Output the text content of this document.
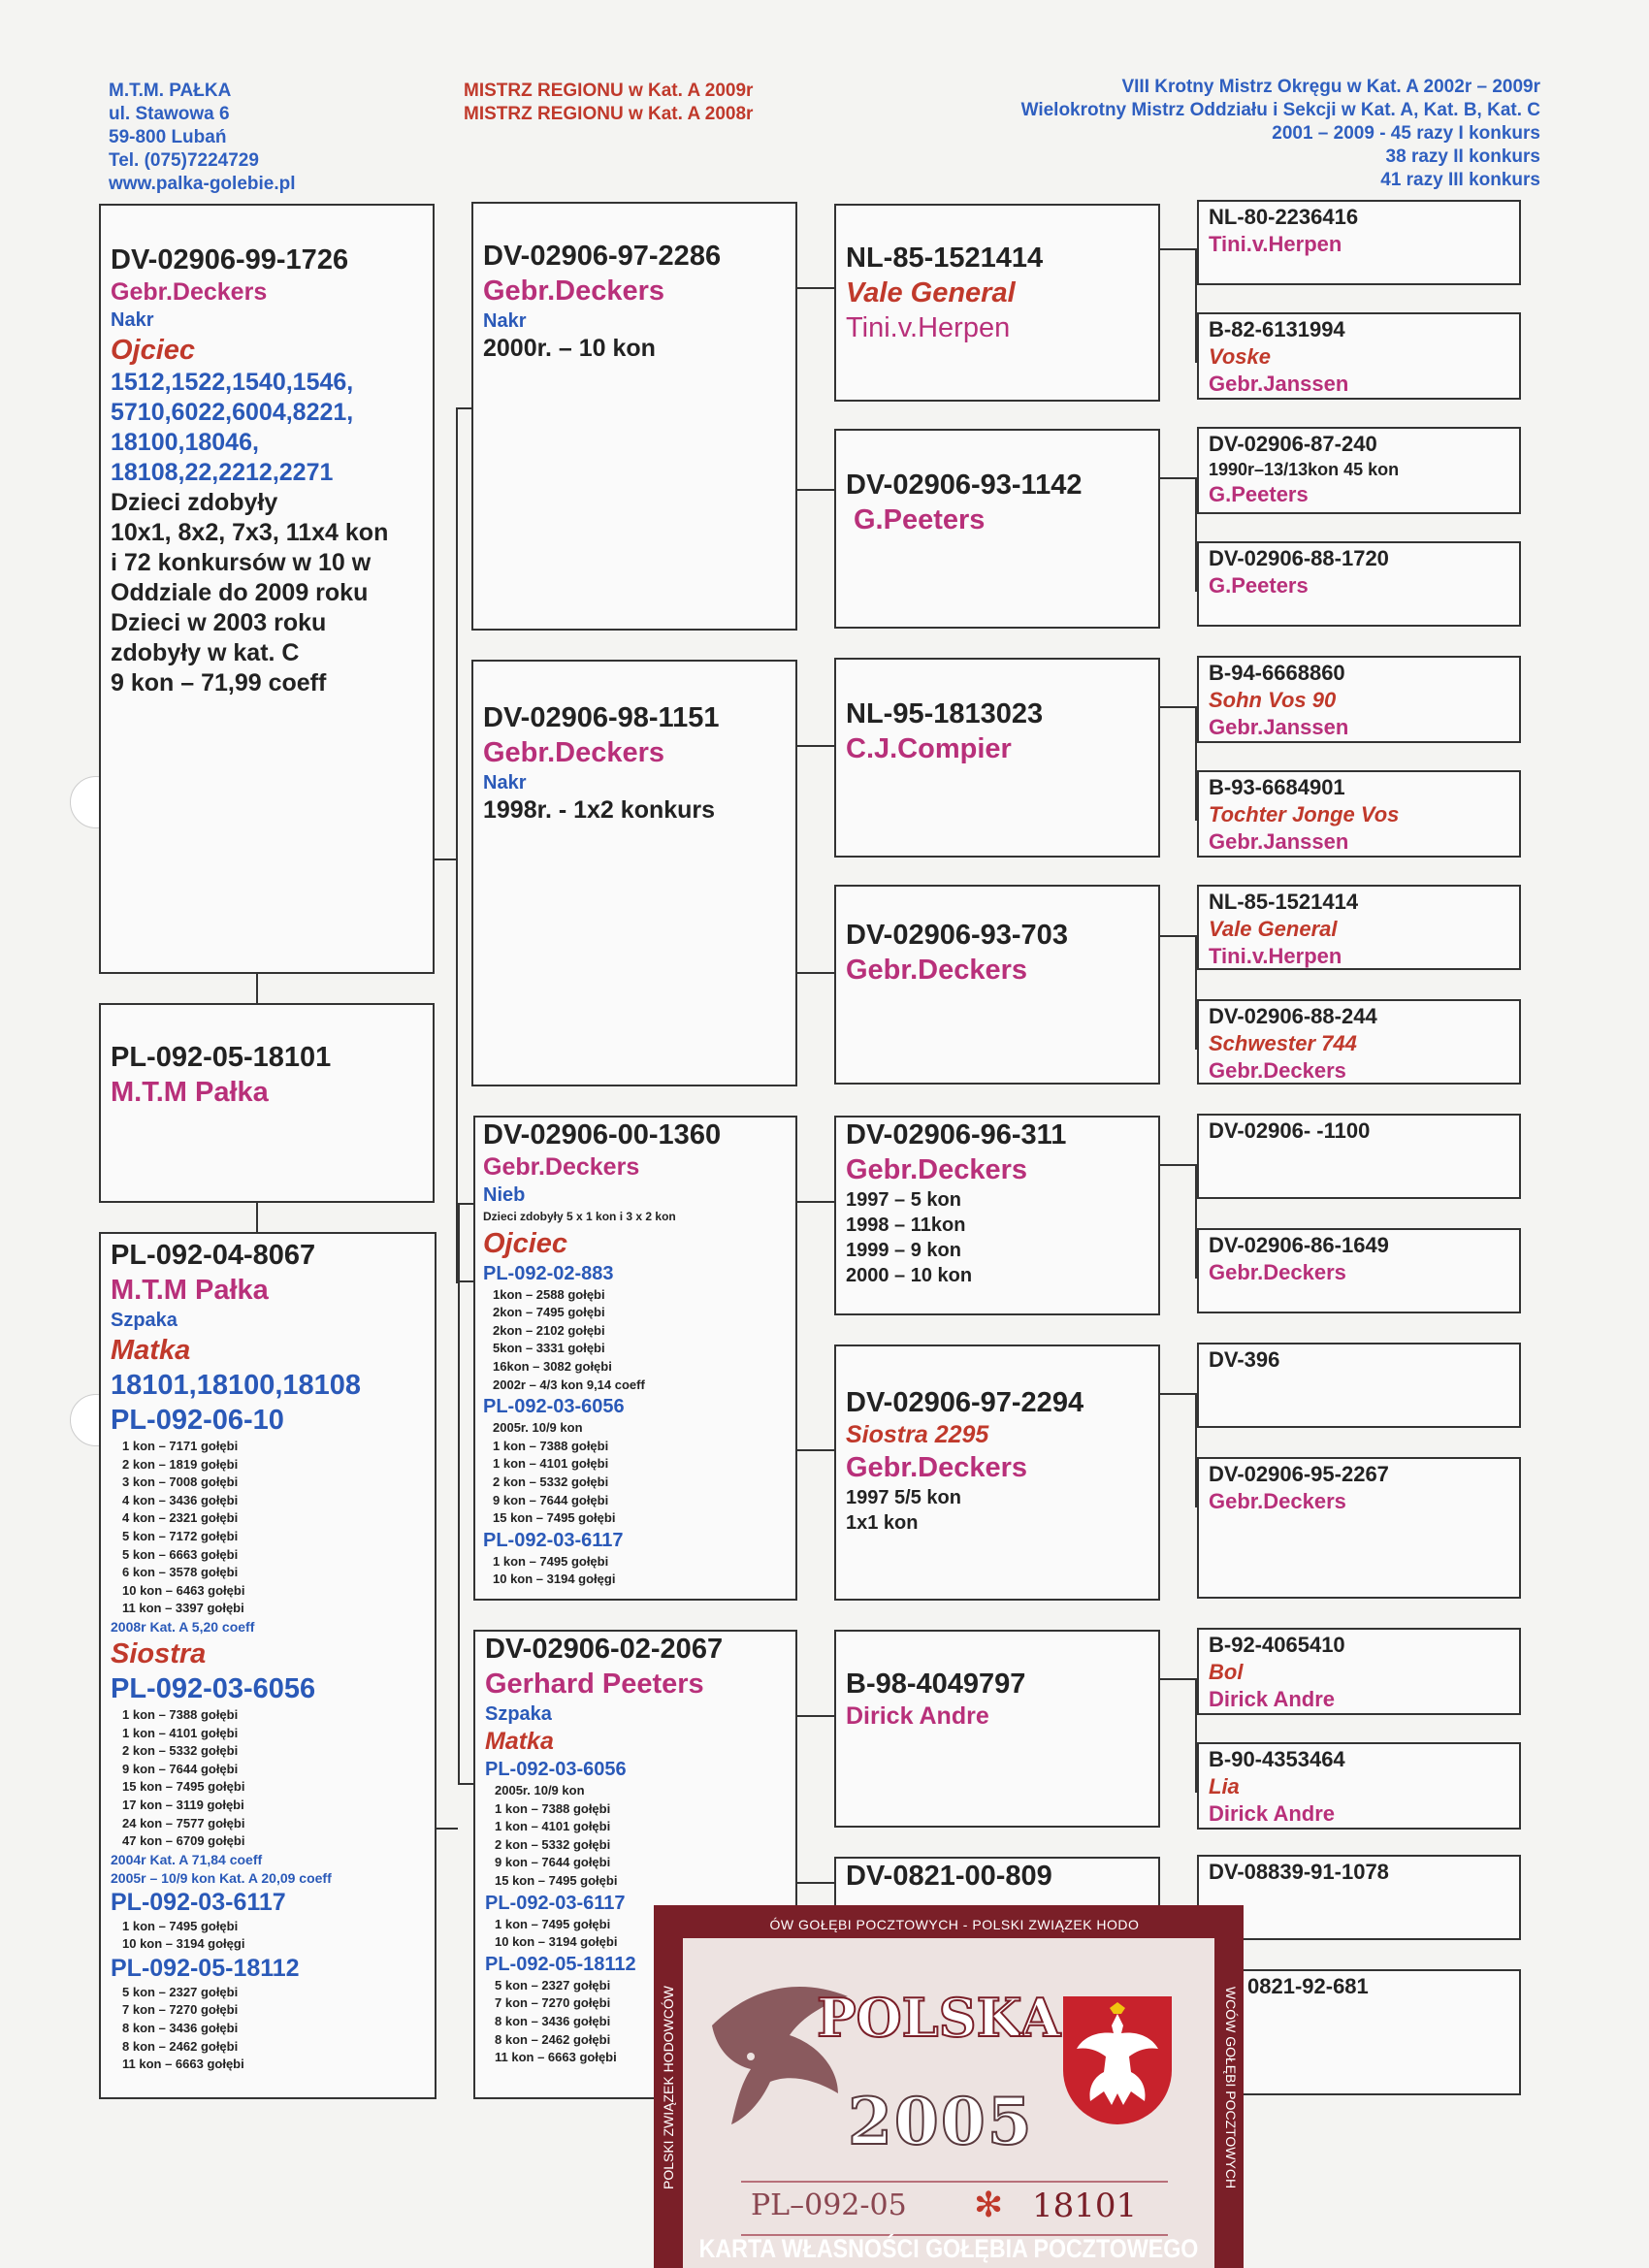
M.T.M. PAŁKA
ul. Stawowa 6
59-800 Lubań
Tel. (075)7224729
www.palka-golebie.pl
MISTRZ REGIONU w Kat. A 2009r
MISTRZ REGIONU w Kat. A 2008r
VIII Krotny Mistrz Okręgu w Kat. A 2002r – 2009r
Wielokrotny Mistrz Oddziału i Sekcji w Kat. A, Kat. B, Kat. C
2001 – 2009 - 45 razy I konkurs
38 razy II konkurs
41 razy III konkurs
DV-02906-99-1726
Gebr.Deckers
Nakr
Ojciec
1512,1522,1540,1546,
5710,6022,6004,8221,
18100,18046,
18108,22,2212,2271
Dzieci zdobyły
10x1, 8x2, 7x3, 11x4 kon
i 72 konkursów w 10 w
Oddziale do 2009 roku
Dzieci w 2003 roku
zdobyły w kat. C
9 kon – 71,99 coeff
PL-092-05-18101
M.T.M Pałka
PL-092-04-8067
M.T.M Pałka
Szpaka
Matka
18101,18100,18108
PL-092-06-10
1 kon – 7171 gołębi
2 kon – 1819 gołębi
3 kon – 7008 gołębi
4 kon – 3436 gołębi
4 kon – 2321 gołębi
5 kon – 7172 gołębi
5 kon – 6663 gołębi
6 kon – 3578 gołębi
10 kon – 6463 gołębi
11 kon – 3397 gołębi
2008r Kat. A 5,20 coeff
Siostra
PL-092-03-6056
1 kon – 7388 gołębi
1 kon – 4101 gołębi
2 kon – 5332 gołębi
9 kon – 7644 gołębi
15 kon – 7495 gołębi
17 kon – 3119 gołębi
24 kon – 7577 gołębi
47 kon – 6709 gołębi
2004r Kat. A 71,84 coeff
2005r – 10/9 kon Kat. A 20,09 coeff
PL-092-03-6117
1 kon – 7495 gołębi
10 kon – 3194 gołęgi
PL-092-05-18112
5 kon – 2327 gołębi
7 kon – 7270 gołębi
8 kon – 3436 gołębi
8 kon – 2462 gołębi
11 kon – 6663 gołębi
DV-02906-97-2286
Gebr.Deckers
Nakr
2000r. – 10 kon
DV-02906-98-1151
Gebr.Deckers
Nakr
1998r. - 1x2 konkurs
DV-02906-00-1360
Gebr.Deckers
Nieb
Dzieci zdobyły 5 x 1 kon i 3 x 2 kon
Ojciec
PL-092-02-883
1kon – 2588 gołębi
2kon – 7495 gołębi
2kon – 2102 gołębi
5kon – 3331 gołębi
16kon – 3082 gołębi
2002r – 4/3 kon 9,14 coeff
PL-092-03-6056
2005r. 10/9 kon
1 kon – 7388 gołębi
1 kon – 4101 gołębi
2 kon – 5332 gołębi
9 kon – 7644 gołębi
15 kon – 7495 gołębi
PL-092-03-6117
1 kon – 7495 gołębi
10 kon – 3194 gołęgi
DV-02906-02-2067
Gerhard Peeters
Szpaka
Matka
PL-092-03-6056
2005r. 10/9 kon
1 kon – 7388 gołębi
1 kon – 4101 gołębi
2 kon – 5332 gołębi
9 kon – 7644 gołębi
15 kon – 7495 gołębi
PL-092-03-6117
1 kon – 7495 gołębi
10 kon – 3194 gołębi
PL-092-05-18112
5 kon – 2327 gołębi
7 kon – 7270 gołębi
8 kon – 3436 gołębi
8 kon – 2462 gołębi
11 kon – 6663 gołębi
NL-85-1521414
Vale General
Tini.v.Herpen
DV-02906-93-1142
G.Peeters
NL-95-1813023
C.J.Compier
DV-02906-93-703
Gebr.Deckers
DV-02906-96-311
Gebr.Deckers
1997 – 5 kon
1998 – 11kon
1999 – 9 kon
2000 – 10 kon
DV-02906-97-2294
Siostra 2295
Gebr.Deckers
1997 5/5 kon
1x1 kon
B-98-4049797
Dirick Andre
DV-0821-00-809
NL-80-2236416
Tini.v.Herpen
B-82-6131994
Voske
Gebr.Janssen
DV-02906-87-240
1990r–13/13kon 45 kon
G.Peeters
DV-02906-88-1720
G.Peeters
B-94-6668860
Sohn Vos 90
Gebr.Janssen
B-93-6684901
Tochter Jonge Vos
Gebr.Janssen
NL-85-1521414
Vale General
Tini.v.Herpen
DV-02906-88-244
Schwester 744
Gebr.Deckers
DV-02906- -1100
DV-02906-86-1649
Gebr.Deckers
DV-396
DV-02906-95-2267
Gebr.Deckers
B-92-4065410
Bol
Dirick Andre
B-90-4353464
Lia
Dirick Andre
DV-08839-91-1078
0821-92-681
POLSKA
2005
PL–092-05 ✻ 18101
ÓW GOŁĘBI POCZTOWYCH - POLSKI ZWIĄZEK HODO
POLSKI ZWIĄZEK HODOWCÓW	WCÓW GOŁĘBI POCZTOWYCH
KARTA WŁASNOŚCI GOŁĘBIA POCZTOWEGO
